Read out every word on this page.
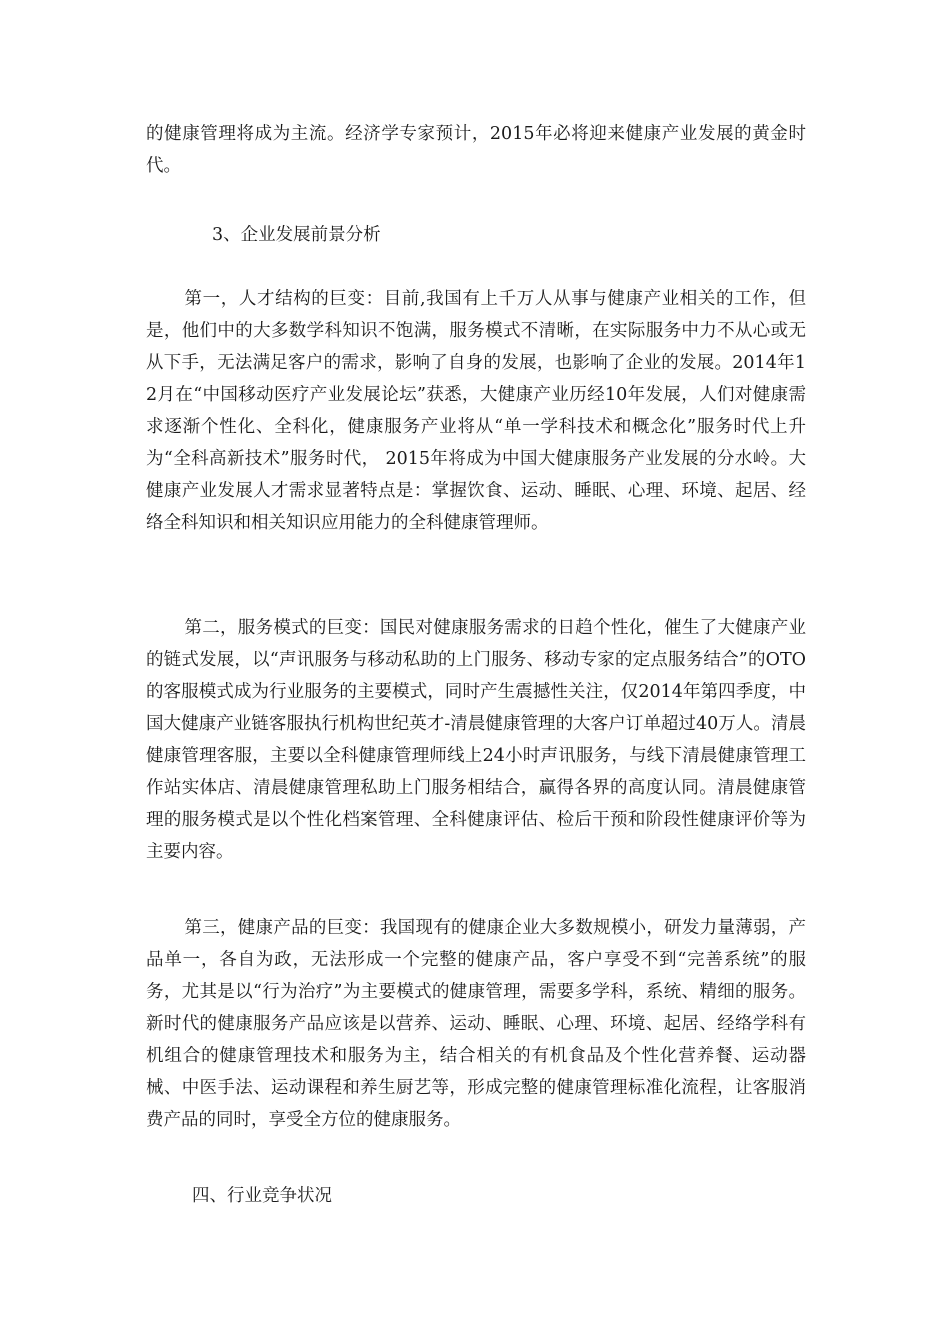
的健康管理将成为主流。经济学专家预计，2015年必将迎来健康产业发展的黄金时代。

3、企业发展前景分析

第一，人才结构的巨变：目前,我国有上千万人从事与健康产业相关的工作，但是，他们中的大多数学科知识不饱满，服务模式不清晰，在实际服务中力不从心或无从下手，无法满足客户的需求，影响了自身的发展，也影响了企业的发展。2014年12月在“中国移动医疗产业发展论坛”获悉，大健康产业历经10年发展，人们对健康需求逐渐个性化、全科化，健康服务产业将从“单一学科技术和概念化”服务时代上升为“全科高新技术”服务时代， 2015年将成为中国大健康服务产业发展的分水岭。大健康产业发展人才需求显著特点是：掌握饮食、运动、睡眠、心理、环境、起居、经络全科知识和相关知识应用能力的全科健康管理师。

第二，服务模式的巨变：国民对健康服务需求的日趋个性化，催生了大健康产业的链式发展，以“声讯服务与移动私助的上门服务、移动专家的定点服务结合”的OTO的客服模式成为行业服务的主要模式，同时产生震撼性关注，仅2014年第四季度，中国大健康产业链客服执行机构世纪英才-清晨健康管理的大客户订单超过40万人。清晨健康管理客服，主要以全科健康管理师线上24小时声讯服务，与线下清晨健康管理工作站实体店、清晨健康管理私助上门服务相结合，赢得各界的高度认同。清晨健康管理的服务模式是以个性化档案管理、全科健康评估、检后干预和阶段性健康评价等为主要内容。

第三，健康产品的巨变：我国现有的健康企业大多数规模小，研发力量薄弱，产品单一，各自为政，无法形成一个完整的健康产品，客户享受不到“完善系统”的服务，尤其是以“行为治疗”为主要模式的健康管理，需要多学科，系统、精细的服务。新时代的健康服务产品应该是以营养、运动、睡眠、心理、环境、起居、经络学科有机组合的健康管理技术和服务为主，结合相关的有机食品及个性化营养餐、运动器械、中医手法、运动课程和养生厨艺等，形成完整的健康管理标准化流程，让客服消费产品的同时，享受全方位的健康服务。

四、行业竞争状况
